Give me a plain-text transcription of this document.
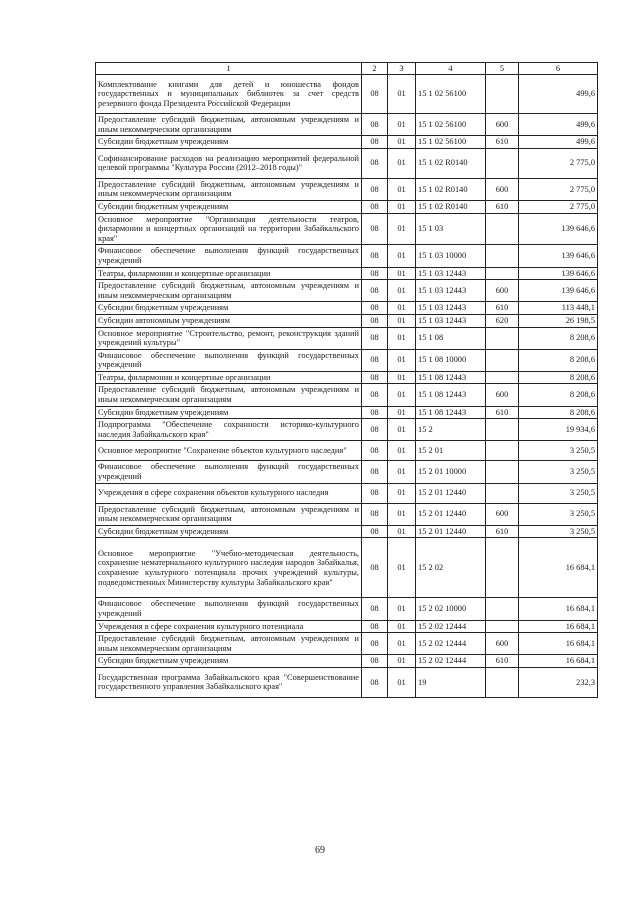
1	2	3	4	5	6
Комплектование книгами для детей и юношества фондов государственных и муниципальных библиотек за счет средств резервного фонда Президента Российской Федерации	08	01	15 1 02 56100		499,6
Предоставление субсидий бюджетным, автономным учреждениям и иным некоммерческим организациям	08	01	15 1 02 56100	600	499,6
Субсидии бюджетным учреждениям	08	01	15 1 02 56100	610	499,6
Софинансирование расходов на реализацию мероприятий федеральной целевой программы "Культура России (2012–2018 годы)"	08	01	15 1 02 R0140		2 775,0
Предоставление субсидий бюджетным, автономным учреждениям и иным некоммерческим организациям	08	01	15 1 02 R0140	600	2 775,0
Субсидии бюджетным учреждениям	08	01	15 1 02 R0140	610	2 775,0
Основное мероприятие "Организация деятельности театров, филармонии и концертных организаций на территории Забайкальского края"	08	01	15 1 03		139 646,6
Финансовое обеспечение выполнения функций государственных учреждений	08	01	15 1 03 10000		139 646,6
Театры, филармонии и концертные организации	08	01	15 1 03 12443		139 646,6
Предоставление субсидий бюджетным, автономным учреждениям и иным некоммерческим организациям	08	01	15 1 03 12443	600	139 646,6
Субсидии бюджетным учреждениям	08	01	15 1 03 12443	610	113 448,1
Субсидии автономным учреждениям	08	01	15 1 03 12443	620	26 198,5
Основное мероприятие "Строительство, ремонт, реконструкция зданий учреждений культуры"	08	01	15 1 08		8 208,6
Финансовое обеспечение выполнения функций государственных учреждений	08	01	15 1 08 10000		8 208,6
Театры, филармонии и концертные организации	08	01	15 1 08 12443		8 208,6
Предоставление субсидий бюджетным, автономным учреждениям и иным некоммерческим организациям	08	01	15 1 08 12443	600	8 208,6
Субсидии бюджетным учреждениям	08	01	15 1 08 12443	610	8 208,6
Подпрограмма "Обеспечение сохранности историко-культурного наследия Забайкальского края"	08	01	15 2		19 934,6
Основное мероприятие "Сохранение объектов культурного наследия"	08	01	15 2 01		3 250,5
Финансовое обеспечение выполнения функций государственных учреждений	08	01	15 2 01 10000		3 250,5
Учреждения в сфере сохранения объектов культурного наследия	08	01	15 2 01 12440		3 250,5
Предоставление субсидий бюджетным, автономным учреждениям и иным некоммерческим организациям	08	01	15 2 01 12440	600	3 250,5
Субсидии бюджетным учреждениям	08	01	15 2 01 12440	610	3 250,5
Основное мероприятие "Учебно-методическая деятельность, сохранение нематериального культурного наследия народов Забайкалья, сохранение культурного потенциала прочих учреждений культуры, подведомственных Министерству культуры Забайкальского края"	08	01	15 2 02		16 684,1
Финансовое обеспечение выполнения функций государственных учреждений	08	01	15 2 02 10000		16 684,1
Учреждения в сфере сохранения культурного потенциала	08	01	15 2 02 12444		16 684,1
Предоставление субсидий бюджетным, автономным учреждениям и иным некоммерческим организациям	08	01	15 2 02 12444	600	16 684,1
Субсидии бюджетным учреждениям	08	01	15 2 02 12444	610	16 684,1
Государственная программа Забайкальского края "Совершенствование государственного управления Забайкальского края"	08	01	19		232,3
69
